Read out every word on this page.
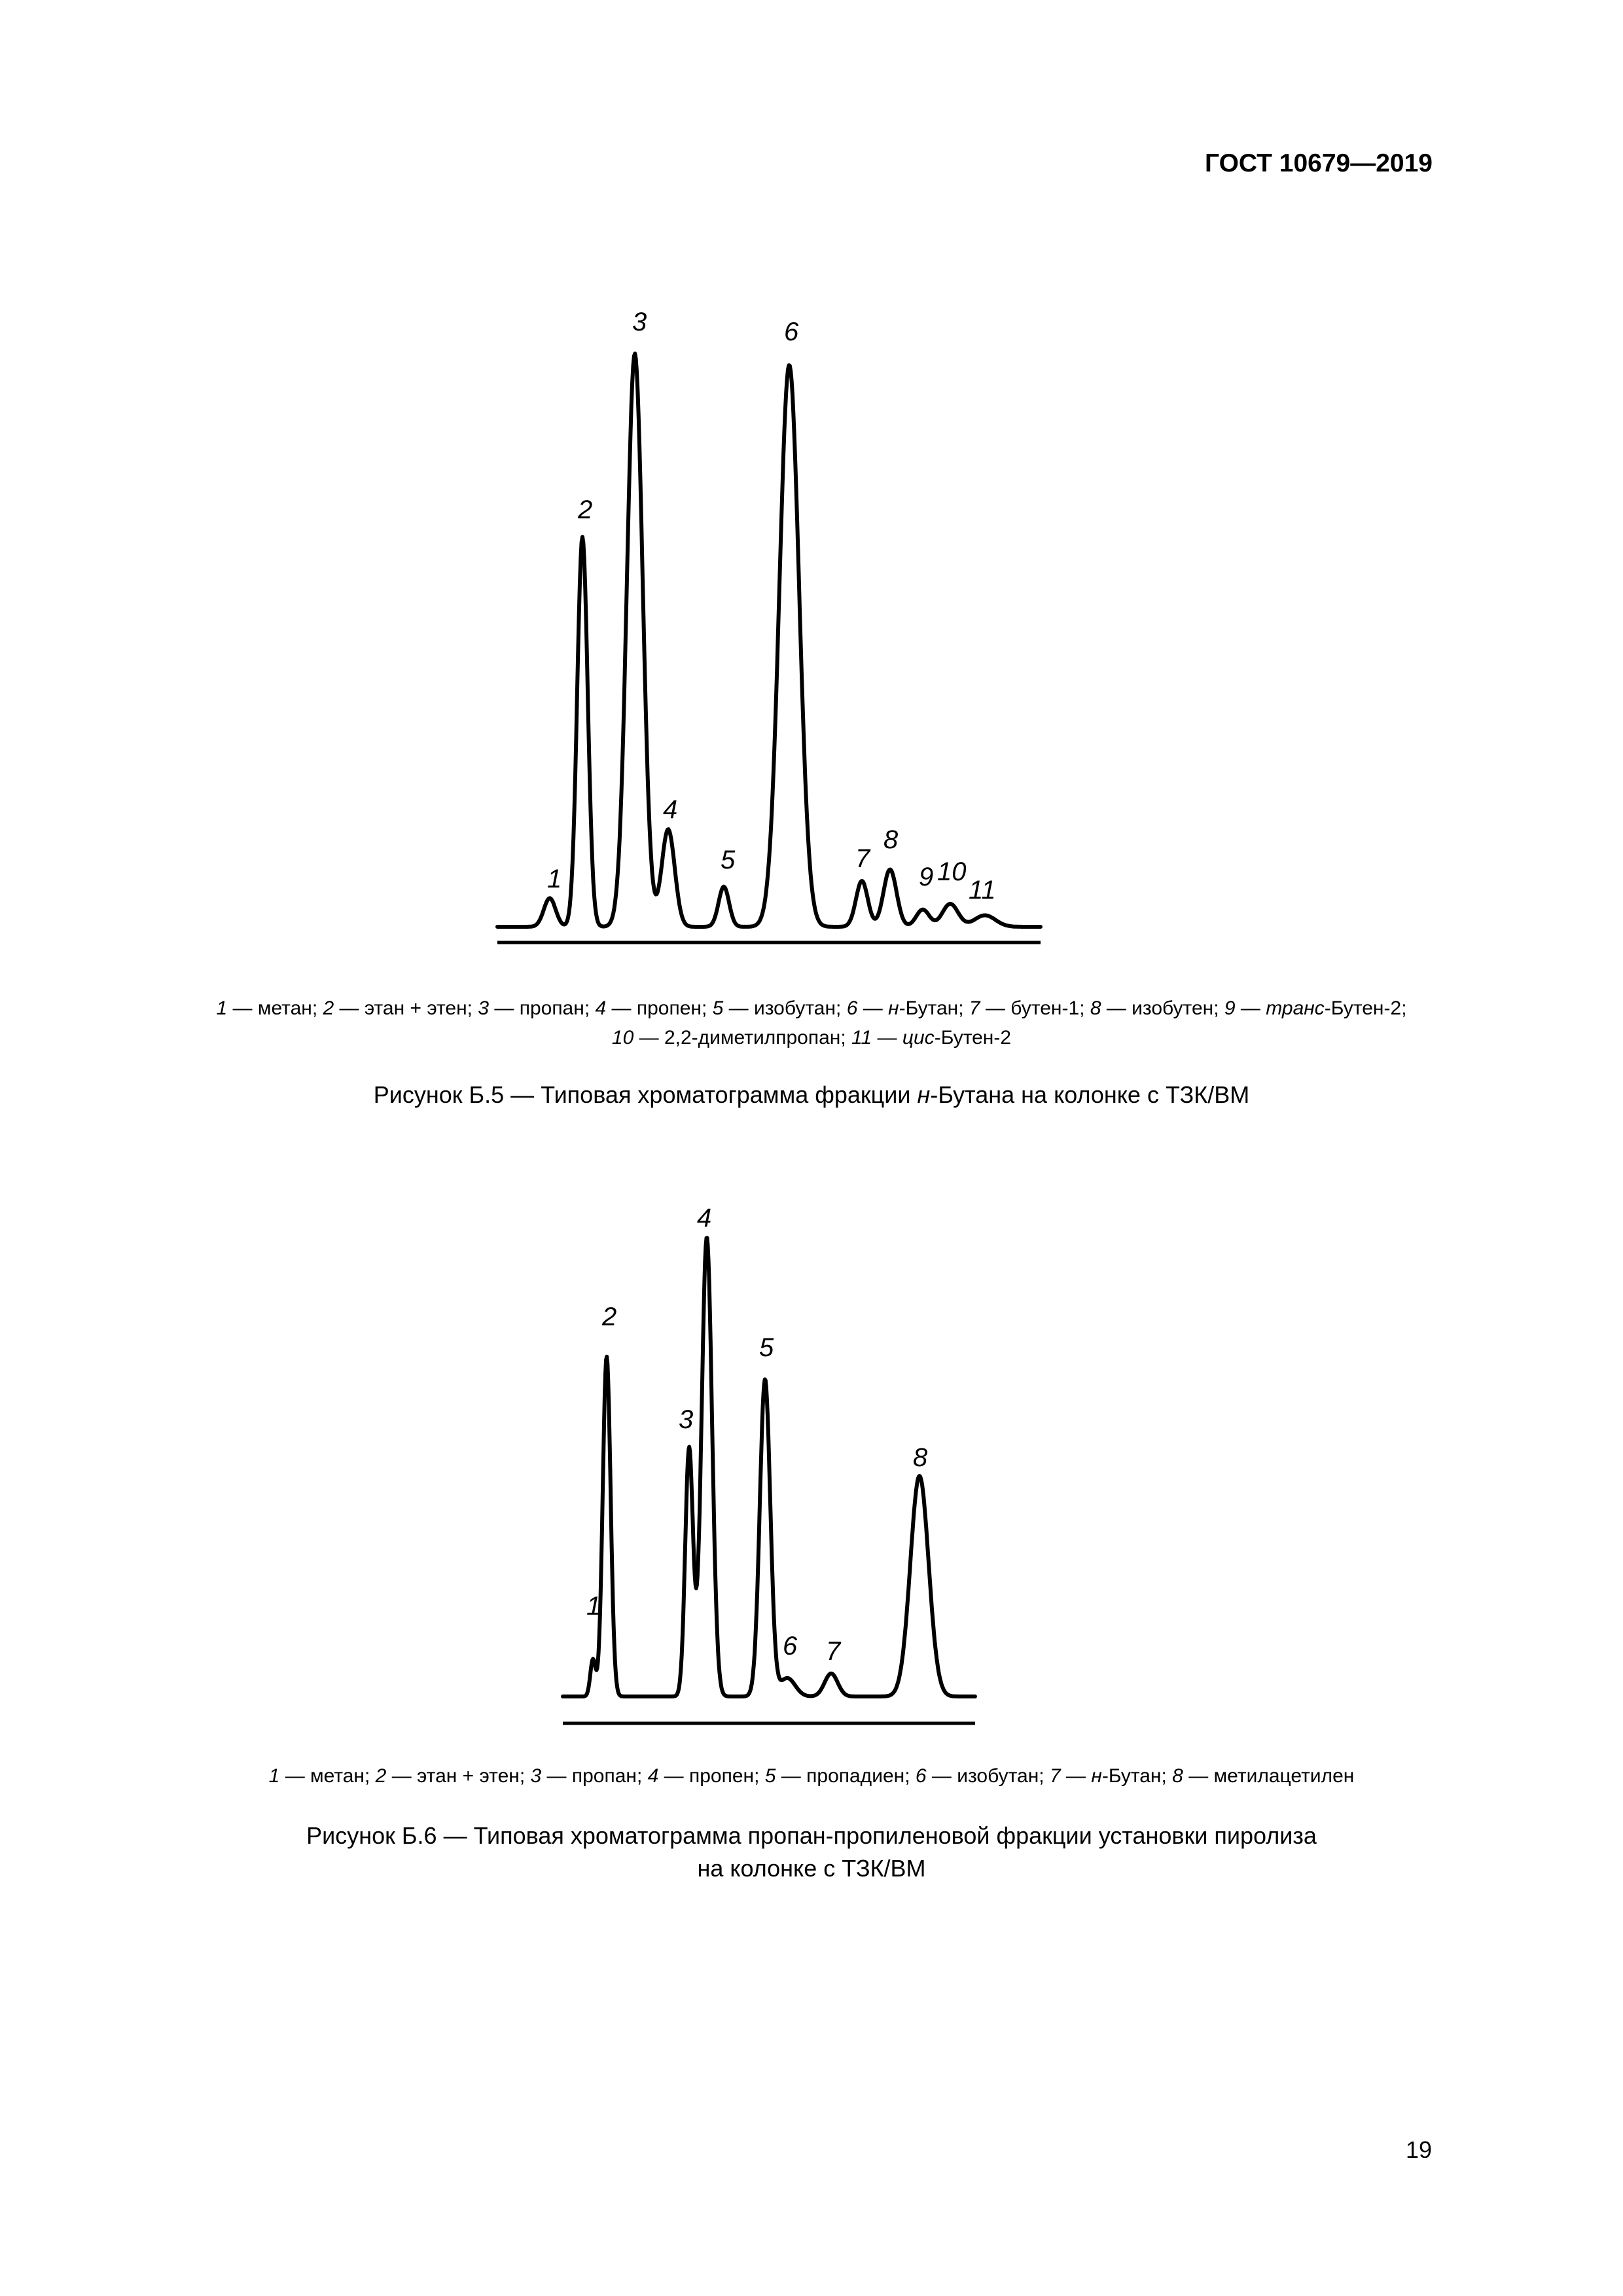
ГОСТ 10679—2019

1
2
3
4
5
6
7
8
9 10
11
1
2
3
4
5
6 7
8

1 — метан; 2 — этан + этен; 3 — пропан; 4 — пропен; 5 — изобутан; 6 — н-Бутан; 7 — бутен-1; 8 — изобутен; 9 — транс-Бутен-2;

10 — 2,2-диметилпропан; 11 — цис-Бутен-2

Рисунок Б.5 — Типовая хроматограмма фракции н-Бутана на колонке с ТЗК/ВМ

1 — метан; 2 — этан + этен; 3 — пропан; 4 — пропен; 5 — пропадиен; 6 — изобутан; 7 — н-Бутан; 8 — метилацетилен

Рисунок Б.6 — Типовая хроматограмма пропан-пропиленовой фракции установки пиролиза
на колонке с ТЗК/ВМ

19
